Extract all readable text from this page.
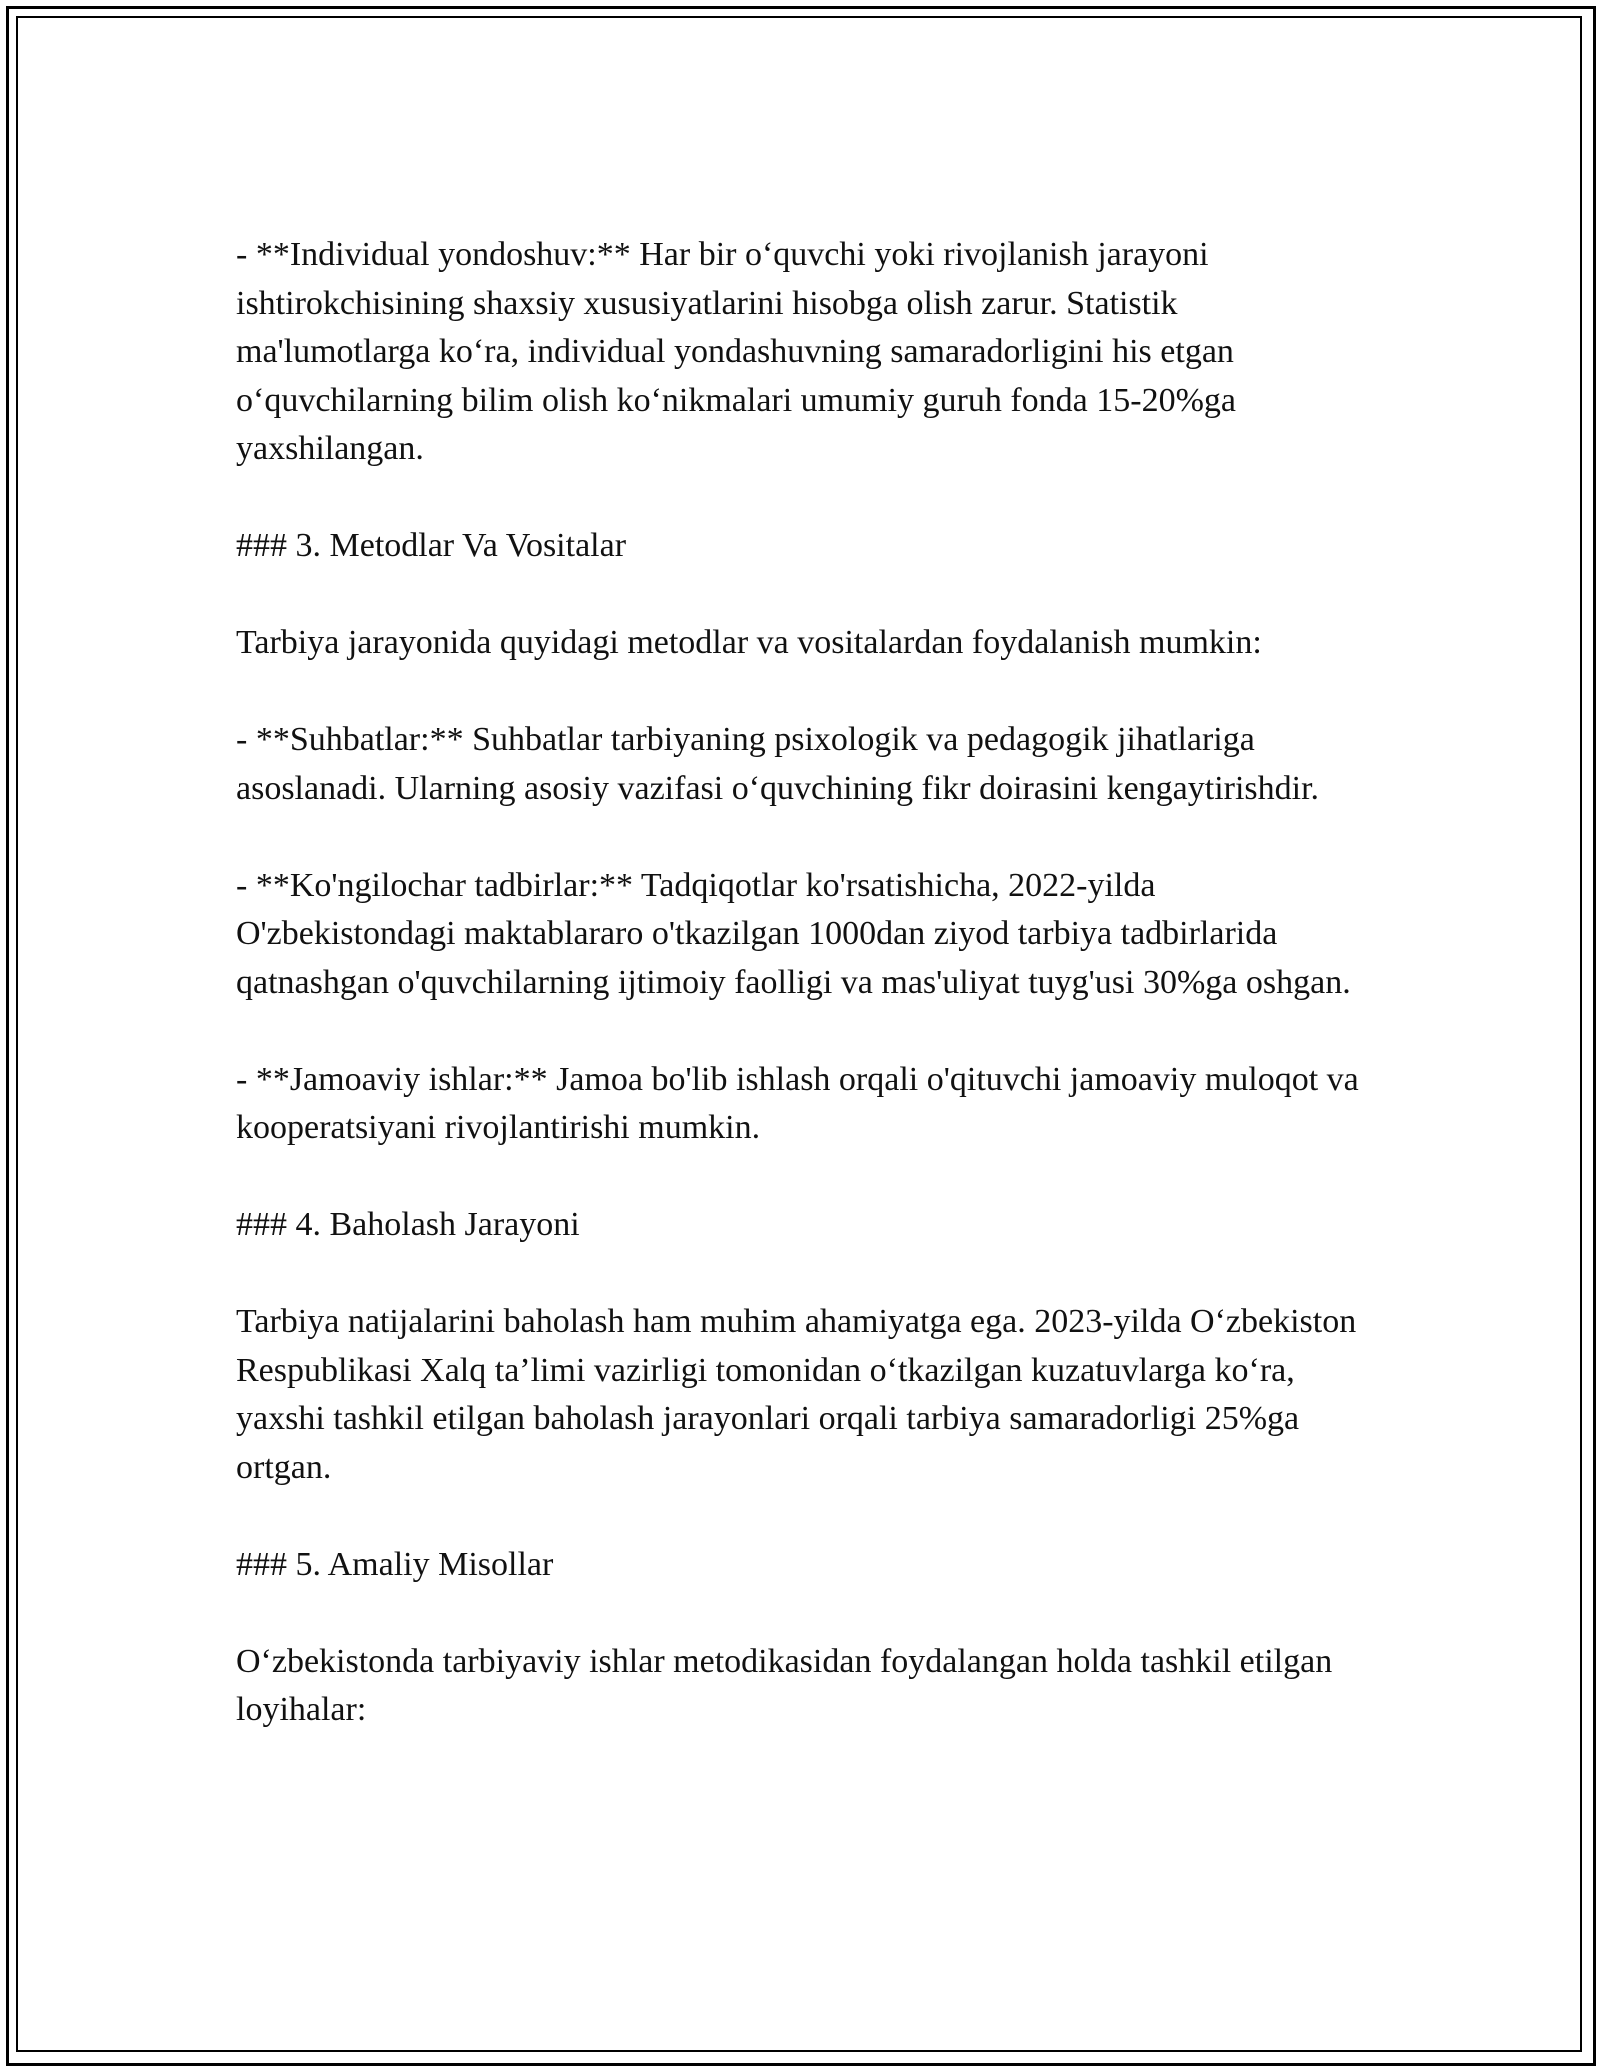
- **Individual yondoshuv:** Har bir o‘quvchi yoki rivojlanish jarayoni ishtirokchisining shaxsiy xususiyatlarini hisobga olish zarur. Statistik ma'lumotlarga ko‘ra, individual yondashuvning samaradorligini his etgan o‘quvchilarning bilim olish ko‘nikmalari umumiy guruh fonda 15-20%ga yaxshilangan.

### 3. Metodlar Va Vositalar

Tarbiya jarayonida quyidagi metodlar va vositalardan foydalanish mumkin:

- **Suhbatlar:** Suhbatlar tarbiyaning psixologik va pedagogik jihatlariga asoslanadi. Ularning asosiy vazifasi o‘quvchining fikr doirasini kengaytirishdir.

- **Ko'ngilochar tadbirlar:** Tadqiqotlar ko'rsatishicha, 2022-yilda O'zbekistondagi maktablararo o'tkazilgan 1000dan ziyod tarbiya tadbirlarida qatnashgan o'quvchilarning ijtimoiy faolligi va mas'uliyat tuyg'usi 30%ga oshgan.

- **Jamoaviy ishlar:** Jamoa bo'lib ishlash orqali o'qituvchi jamoaviy muloqot va kooperatsiyani rivojlantirishi mumkin.

### 4. Baholash Jarayoni

Tarbiya natijalarini baholash ham muhim ahamiyatga ega. 2023-yilda O‘zbekiston Respublikasi Xalq ta’limi vazirligi tomonidan o‘tkazilgan kuzatuvlarga ko‘ra, yaxshi tashkil etilgan baholash jarayonlari orqali tarbiya samaradorligi 25%ga ortgan.

### 5. Amaliy Misollar

O‘zbekistonda tarbiyaviy ishlar metodikasidan foydalangan holda tashkil etilgan loyihalar:
